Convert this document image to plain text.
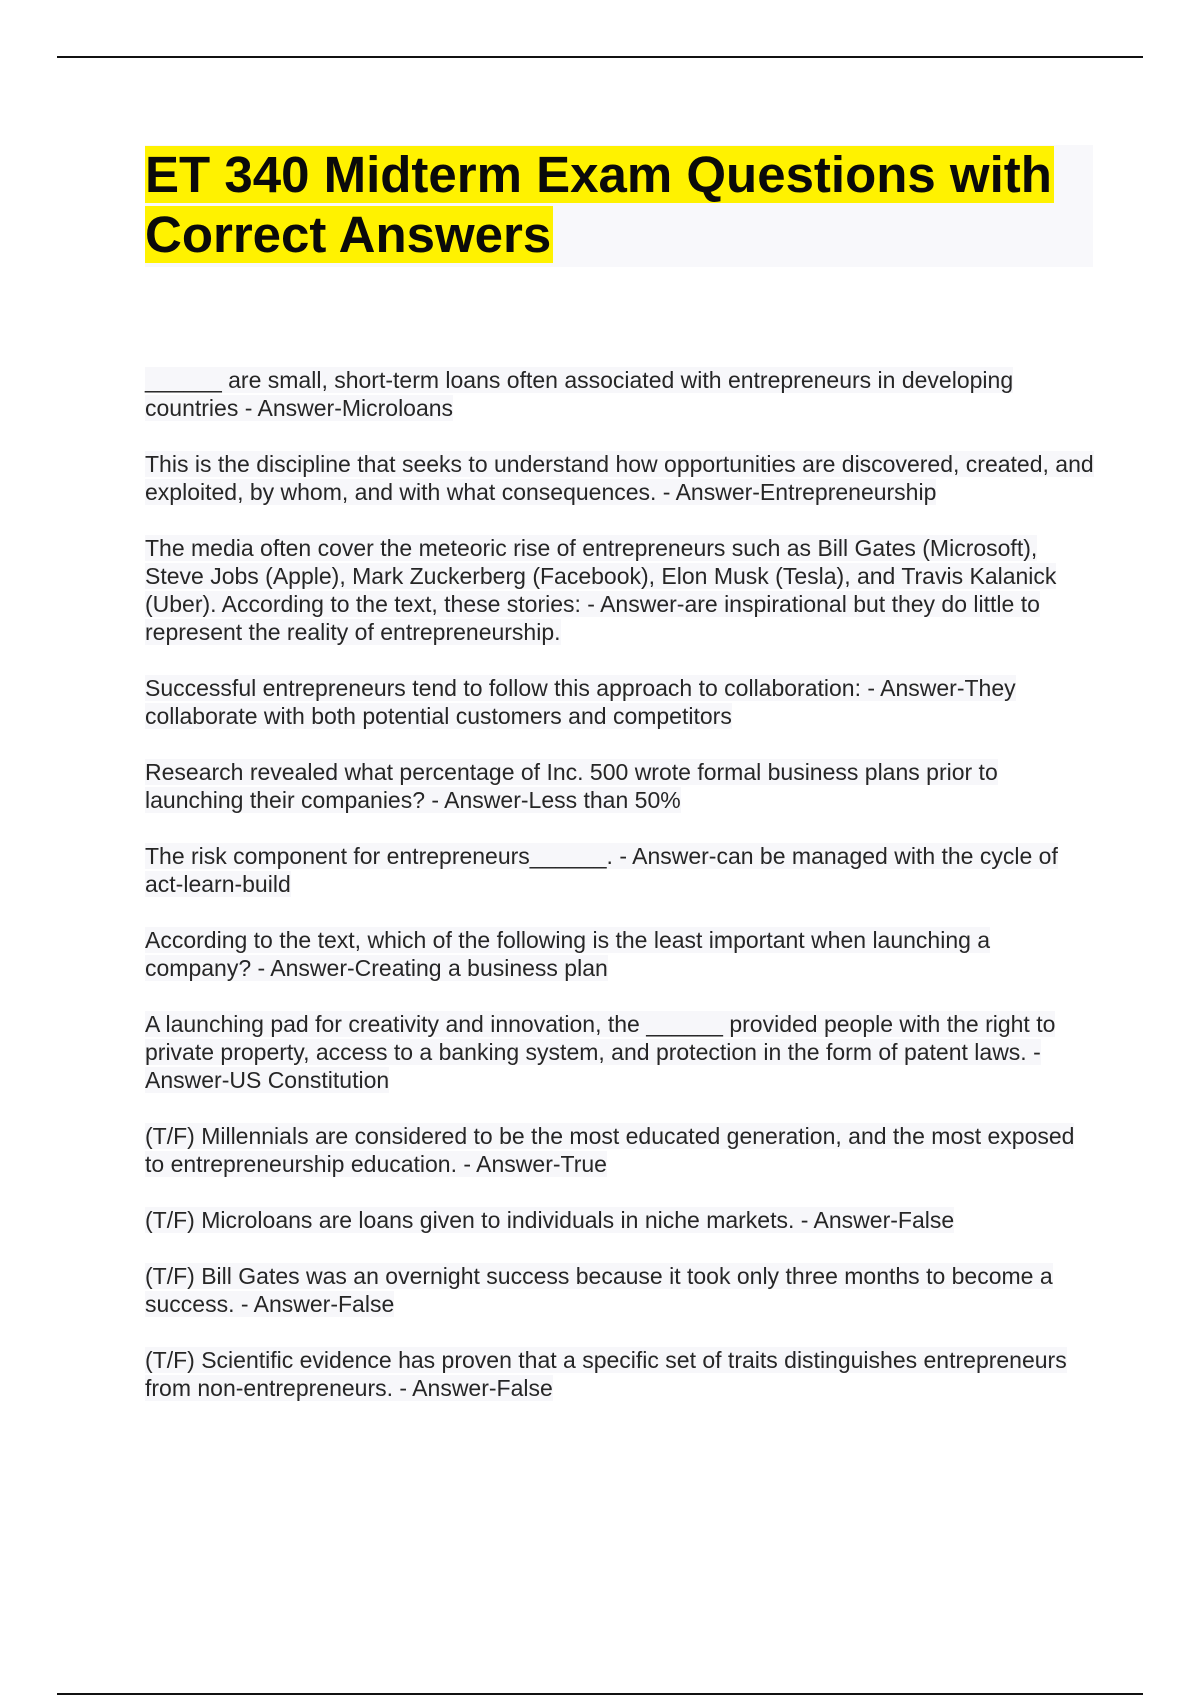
ET 340 Midterm Exam Questions with Correct Answers
______ are small, short-term loans often associated with entrepreneurs in developing countries - Answer-Microloans
This is the discipline that seeks to understand how opportunities are discovered, created, and exploited, by whom, and with what consequences. - Answer-Entrepreneurship
The media often cover the meteoric rise of entrepreneurs such as Bill Gates (Microsoft), Steve Jobs (Apple), Mark Zuckerberg (Facebook), Elon Musk (Tesla), and Travis Kalanick (Uber). According to the text, these stories: - Answer-are inspirational but they do little to represent the reality of entrepreneurship.
Successful entrepreneurs tend to follow this approach to collaboration: - Answer-They collaborate with both potential customers and competitors
Research revealed what percentage of Inc. 500 wrote formal business plans prior to launching their companies? - Answer-Less than 50%
The risk component for entrepreneurs______. - Answer-can be managed with the cycle of act-learn-build
According to the text, which of the following is the least important when launching a company? - Answer-Creating a business plan
A launching pad for creativity and innovation, the ______ provided people with the right to private property, access to a banking system, and protection in the form of patent laws. - Answer-US Constitution
(T/F) Millennials are considered to be the most educated generation, and the most exposed to entrepreneurship education. - Answer-True
(T/F) Microloans are loans given to individuals in niche markets. - Answer-False
(T/F) Bill Gates was an overnight success because it took only three months to become a success. - Answer-False
(T/F) Scientific evidence has proven that a specific set of traits distinguishes entrepreneurs from non-entrepreneurs. - Answer-False
